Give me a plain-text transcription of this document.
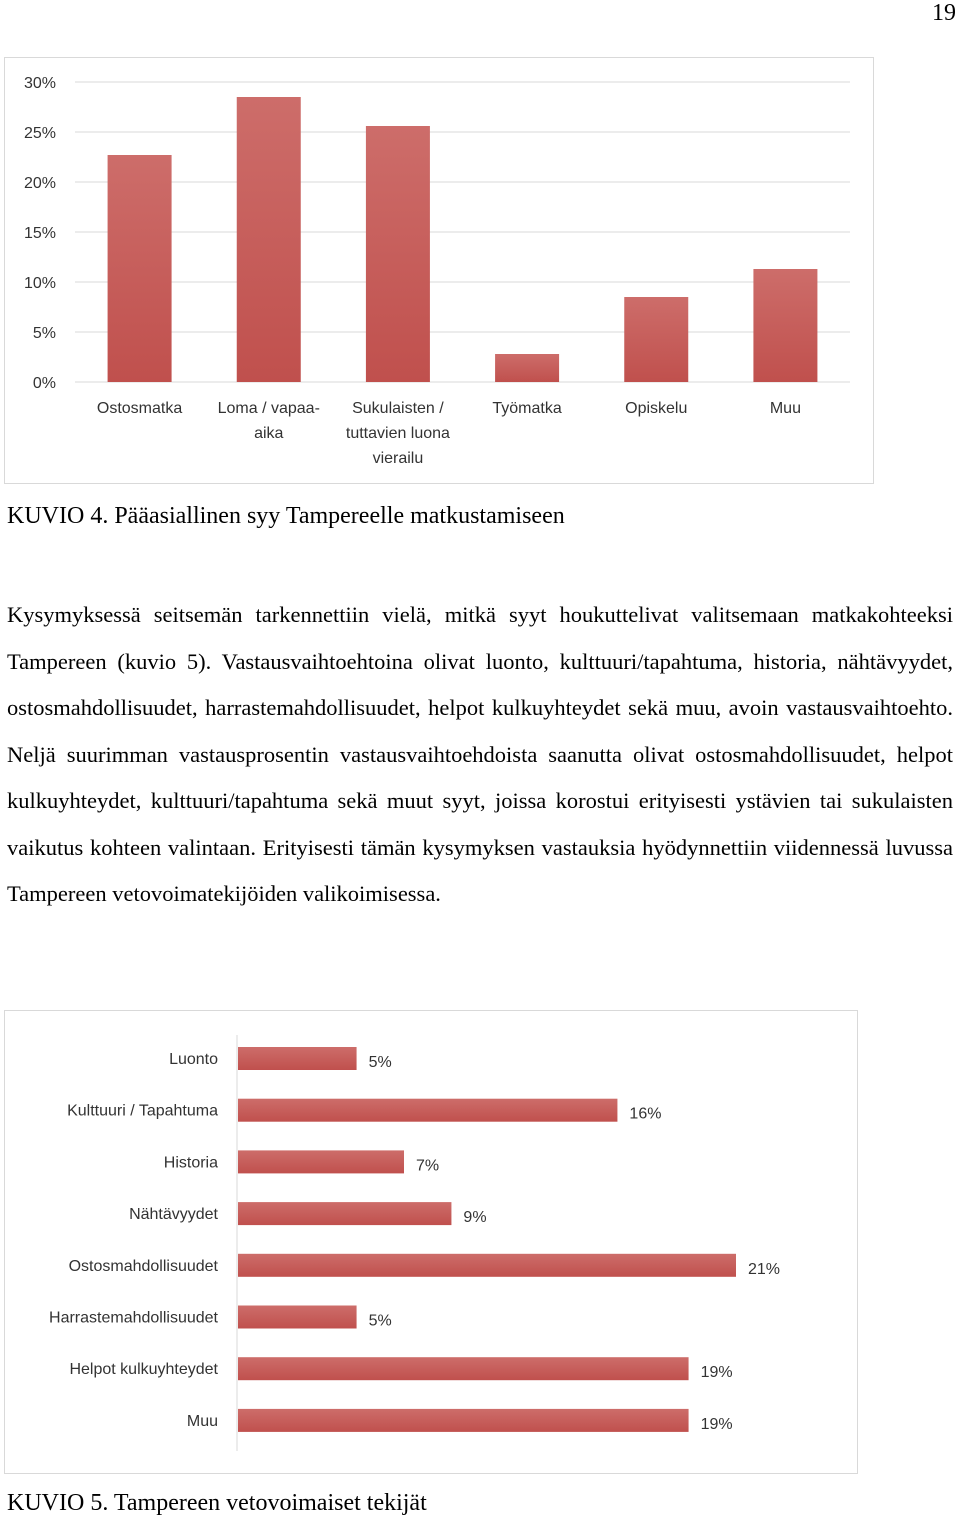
19
0%
5%
10%
15%
20%
25%
30%
Ostosmatka Loma / vapaa-aika
Sukulaisten / tuttavien luona vierailu
Työmatka	Opiskelu	Muu
KUVIO 4. Pääasiallinen syy Tampereelle matkustamiseen
Kysymyksessä seitsemän tarkennettiin vielä, mitkä syyt houkuttelivat valitsemaan matkakohteeksi Tampereen (kuvio 5). Vastausvaihtoehtoina olivat luonto, kulttuuri/tapahtuma, historia, nähtävyydet, ostosmahdollisuudet, harrastemahdollisuudet, helpot kulkuyhteydet sekä muu, avoin vastausvaihtoehto. Neljä suurimman vastausprosentin vastausvaihtoehdoista saanutta olivat ostosmahdollisuudet, helpot kulkuyhteydet, kulttuuri/tapahtuma sekä muut syyt, joissa korostui erityisesti ystävien tai sukulaisten vaikutus kohteen valintaan. Erityisesti tämän kysymyksen vastauksia hyödynnettiin viidennessä luvussa Tampereen vetovoimatekijöiden valikoimisessa.
Luonto	5%
Kulttuuri / Tapahtuma	16%
Historia	7%
Nähtävyydet	9%
Ostosmahdollisuudet	21%
Harrastemahdollisuudet	5%
Helpot kulkuyhteydet	19%
Muu	19%
KUVIO 5. Tampereen vetovoimaiset tekijät
